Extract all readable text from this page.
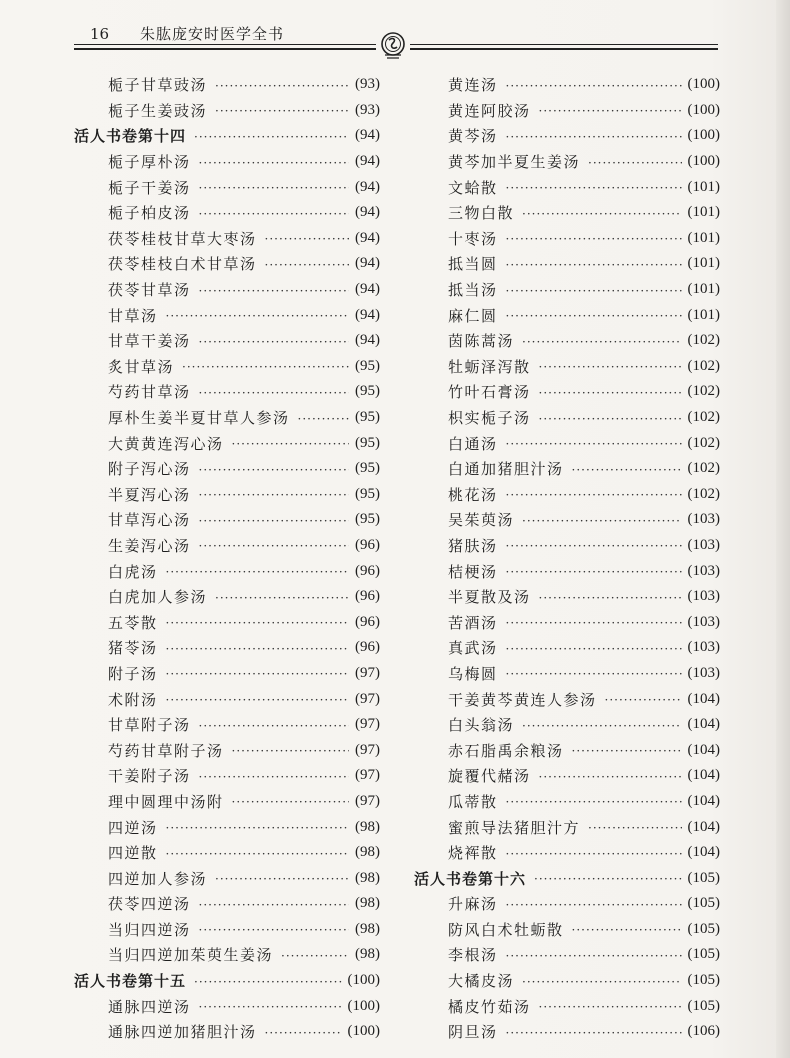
16 朱肱庞安时医学全书
栀子甘草豉汤 ·····	(93)
栀子生姜豉汤 ·····	(93)
活人书卷第十四 ·····	(94)
栀子厚朴汤 ·····	(94)
栀子干姜汤 ·····	(94)
栀子柏皮汤 ·····	(94)
茯苓桂枝甘草大枣汤 ·····	(94)
茯苓桂枝白术甘草汤 ·····	(94)
茯苓甘草汤 ·····	(94)
甘草汤 ·····	(94)
甘草干姜汤 ·····	(94)
炙甘草汤 ·····	(95)
芍药甘草汤 ·····	(95)
厚朴生姜半夏甘草人参汤 ·····	(95)
大黄黄连泻心汤 ·····	(95)
附子泻心汤 ·····	(95)
半夏泻心汤 ·····	(95)
甘草泻心汤 ·····	(95)
生姜泻心汤 ·····	(96)
白虎汤 ·····	(96)
白虎加人参汤 ·····	(96)
五苓散 ·····	(96)
猪苓汤 ·····	(96)
附子汤 ·····	(97)
术附汤 ·····	(97)
甘草附子汤 ·····	(97)
芍药甘草附子汤 ·····	(97)
干姜附子汤 ·····	(97)
理中圆理中汤附 ·····	(97)
四逆汤 ·····	(98)
四逆散 ·····	(98)
四逆加人参汤 ·····	(98)
茯苓四逆汤 ·····	(98)
当归四逆汤 ·····	(98)
当归四逆加茱萸生姜汤 ·····	(98)
活人书卷第十五 ·····	(100)
通脉四逆汤 ·····	(100)
通脉四逆加猪胆汁汤 ·····	(100)
黄连汤 ·····	(100)
黄连阿胶汤 ·····	(100)
黄芩汤 ·····	(100)
黄芩加半夏生姜汤 ·····	(100)
文蛤散 ·····	(101)
三物白散 ·····	(101)
十枣汤 ·····	(101)
抵当圆 ·····	(101)
抵当汤 ·····	(101)
麻仁圆 ·····	(101)
茵陈蒿汤 ·····	(102)
牡蛎泽泻散 ·····	(102)
竹叶石膏汤 ·····	(102)
枳实栀子汤 ·····	(102)
白通汤 ·····	(102)
白通加猪胆汁汤 ·····	(102)
桃花汤 ·····	(102)
吴茱萸汤 ·····	(103)
猪肤汤 ·····	(103)
桔梗汤 ·····	(103)
半夏散及汤 ·····	(103)
苦酒汤 ·····	(103)
真武汤 ·····	(103)
乌梅圆 ·····	(103)
干姜黄芩黄连人参汤 ·····	(104)
白头翁汤 ·····	(104)
赤石脂禹余粮汤 ·····	(104)
旋覆代赭汤 ·····	(104)
瓜蒂散 ·····	(104)
蜜煎导法猪胆汁方 ·····	(104)
烧裈散 ·····	(104)
活人书卷第十六 ·····	(105)
升麻汤 ·····	(105)
防风白术牡蛎散 ·····	(105)
李根汤 ·····	(105)
大橘皮汤 ·····	(105)
橘皮竹茹汤 ·····	(105)
阴旦汤 ·····	(106)
